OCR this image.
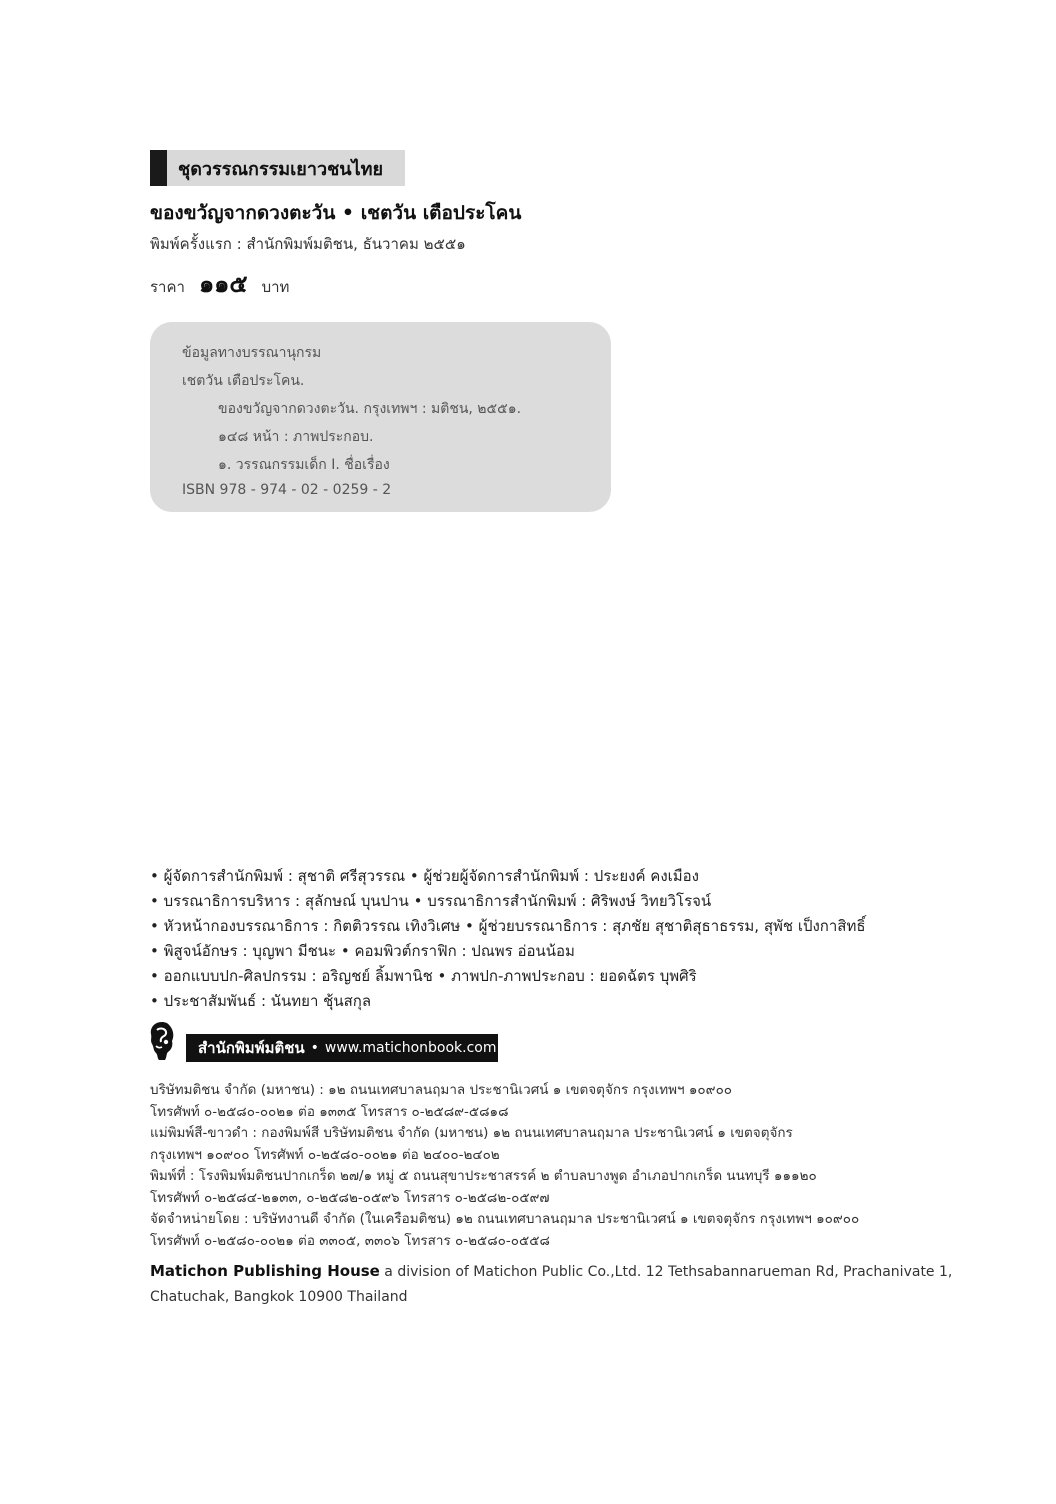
ชุดวรรณกรรมเยาวชนไทย
ของขวัญจากดวงตะวัน • เชตวัน เตือประโคน
พิมพ์ครั้งแรก : สำนักพิมพ์มติชน, ธันวาคม ๒๕๕๑
ราคา ๑๑๕ บาท
ข้อมูลทางบรรณานุกรม
เชตวัน เตือประโคน.
ของขวัญจากดวงตะวัน. กรุงเทพฯ : มติชน, ๒๕๕๑.
๑๔๘ หน้า : ภาพประกอบ.
๑. วรรณกรรมเด็ก I. ชื่อเรื่อง
ISBN 978 - 974 - 02 - 0259 - 2
• ผู้จัดการสำนักพิมพ์ : สุชาติ ศรีสุวรรณ • ผู้ช่วยผู้จัดการสำนักพิมพ์ : ประยงค์ คงเมือง
• บรรณาธิการบริหาร : สุลักษณ์ บุนปาน • บรรณาธิการสำนักพิมพ์ : ศิริพงษ์ วิทยวิโรจน์
• หัวหน้ากองบรรณาธิการ : กิตติวรรณ เทิงวิเศษ • ผู้ช่วยบรรณาธิการ : สุภชัย สุชาติสุธาธรรม, สุพัช เป็งกาสิทธิ์
• พิสูจน์อักษร : บุญพา มีชนะ • คอมพิวต์กราฟิก : ปณพร อ่อนน้อม
• ออกแบบปก-ศิลปกรรม : อริญชย์ ลิ้มพานิช • ภาพปก-ภาพประกอบ : ยอดฉัตร บุพศิริ
• ประชาสัมพันธ์ : นันทยา ชุ้นสกุล
สำนักพิมพ์มติชน • www.matichonbook.com
บริษัทมติชน จำกัด (มหาชน) : ๑๒ ถนนเทศบาลนฤมาล ประชานิเวศน์ ๑ เขตจตุจักร กรุงเทพฯ ๑๐๙๐๐
โทรศัพท์ ๐-๒๕๘๐-๐๐๒๑ ต่อ ๑๓๓๕ โทรสาร ๐-๒๕๘๙-๕๘๑๘
แม่พิมพ์สี-ขาวดำ : กองพิมพ์สี บริษัทมติชน จำกัด (มหาชน) ๑๒ ถนนเทศบาลนฤมาล ประชานิเวศน์ ๑ เขตจตุจักร
กรุงเทพฯ ๑๐๙๐๐ โทรศัพท์ ๐-๒๕๘๐-๐๐๒๑ ต่อ ๒๔๐๐-๒๔๐๒
พิมพ์ที่ : โรงพิมพ์มติชนปากเกร็ด ๒๗/๑ หมู่ ๕ ถนนสุขาประชาสรรค์ ๒ ตำบลบางพูด อำเภอปากเกร็ด นนทบุรี ๑๑๑๒๐
โทรศัพท์ ๐-๒๕๘๔-๒๑๓๓, ๐-๒๕๘๒-๐๕๙๖ โทรสาร ๐-๒๕๘๒-๐๕๙๗
จัดจำหน่ายโดย : บริษัทงานดี จำกัด (ในเครือมติชน) ๑๒ ถนนเทศบาลนฤมาล ประชานิเวศน์ ๑ เขตจตุจักร กรุงเทพฯ ๑๐๙๐๐
โทรศัพท์ ๐-๒๕๘๐-๐๐๒๑ ต่อ ๓๓๐๕, ๓๓๐๖ โทรสาร ๐-๒๕๘๐-๐๕๕๘
Matichon Publishing House a division of Matichon Public Co.,Ltd. 12 Tethsabannarueman Rd, Prachanivate 1,
Chatuchak, Bangkok 10900 Thailand
